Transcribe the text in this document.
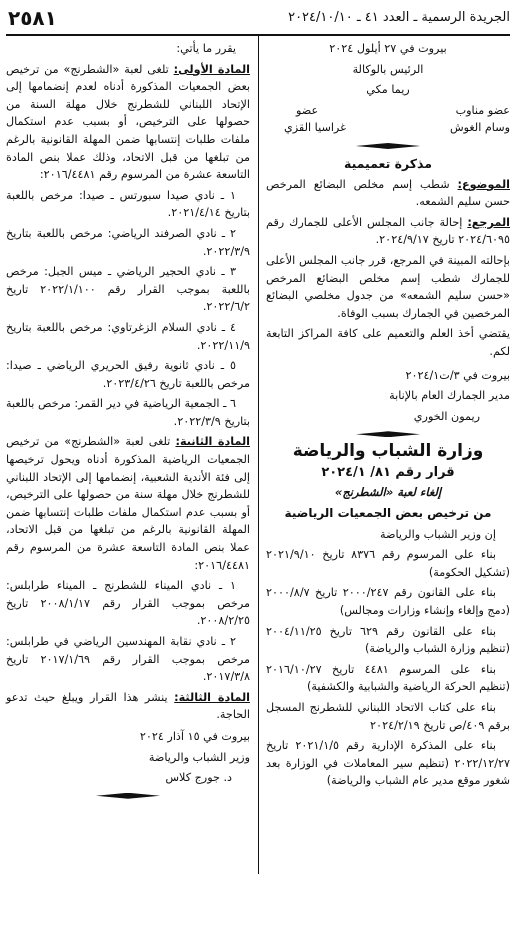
الجريدة الرسمية ـ العدد ٤١ ـ ٢٠٢٤/١٠/١٠
٢٥٨١

بيروت في ٢٧ أيلول ٢٠٢٤

الرئيس بالوكالة

ريما مكي

عضو مناوب
عضو
وسام الغوش
غراسيا القزي

مذكرة تعميمية

الموضوع: شطب إسم مخلص البضائع المرخص حسن سليم الشمعه.

المرجع: إحالة جانب المجلس الأعلى للجمارك رقم ٢٠٢٤/٦٠٩٥ تاريخ ٢٠٢٤/٩/١٧.

بإحالته المبينة في المرجع، قرر جانب المجلس الأعلى للجمارك شطب إسم مخلص البضائع المرخص «حسن سليم الشمعه» من جدول مخلصي البضائع المرخصين في الجمارك بسبب الوفاة.

يقتضي أخذ العلم والتعميم على كافة المراكز التابعة لكم.

بيروت في ٣/ت٢٠٢٤/١

مدير الجمارك العام بالإنابة

ريمون الخوري

وزارة الشباب والرياضة

قرار رقم ٨١/ ٢٠٢٤/١

إلغاء لعبة «الشطرنج»

من ترخيص بعض الجمعيات الرياضية

إن وزير الشباب والرياضة

بناء على المرسوم رقم ٨٣٧٦ تاريخ ٢٠٢١/٩/١٠ (تشكيل الحكومة)

بناء على القانون رقم ٢٠٠٠/٢٤٧ تاريخ ٢٠٠٠/٨/٧ (دمج وإلغاء وإنشاء وزارات ومجالس)

بناء على القانون رقم ٦٢٩ تاريخ ٢٠٠٤/١١/٢٥ (تنظيم وزارة الشباب والرياضة)

بناء على المرسوم ٤٤٨١ تاريخ ٢٠١٦/١٠/٢٧ (تنظيم الحركة الرياضية والشبابية والكشفية)

بناء على كتاب الاتحاد اللبناني للشطرنج المسجل برقم ٤٠٩/ص تاريخ ٢٠٢٤/٢/١٩

بناء على المذكرة الإدارية رقم ٢٠٢١/١/٥ تاريخ ٢٠٢٢/١٢/٢٧ (تنظيم سير المعاملات في الوزارة بعد شغور موقع مدير عام الشباب والرياضة)

يقرر ما يأتي:

المادة الأولى: تلغى لعبة «الشطرنج» من ترخيص بعض الجمعيات المذكورة أدناه لعدم إنضمامها إلى الإتحاد اللبناني للشطرنج خلال مهلة السنة من حصولها على الترخيص، أو بسبب عدم استكمال ملفات طلبات إنتسابها ضمن المهلة القانونية بالرغم من تبلغها من قبل الاتحاد، وذلك عملا بنص المادة التاسعة عشرة من المرسوم رقم ٢٠١٦/٤٤٨١:

١ ـ نادي صيدا سبورتس ـ صيدا: مرخص باللعبة بتاريخ ٢٠٢١/٤/١٤.

٢ ـ نادي الصرفند الرياضي: مرخص باللعبة بتاريخ ٢٠٢٢/٣/٩.

٣ ـ نادي الحجير الرياضي ـ ميس الجبل: مرخص باللعبة بموجب القرار رقم ٢٠٢٢/١/١٠٠ تاريخ ٢٠٢٢/٦/٢.

٤ ـ نادي السلام الزغرتاوي: مرخص باللعبة بتاريخ ٢٠٢٢/١١/٩.

٥ ـ نادي ثانوية رفيق الحريري الرياضي ـ صيدا: مرخص باللعبة تاريخ ٢٠٢٣/٤/٢٦.

٦ ـ الجمعية الرياضية في دير القمر: مرخص باللعبة بتاريخ ٢٠٢٢/٣/٩.

المادة الثانية: تلغى لعبة «الشطرنج» من ترخيص الجمعيات الرياضية المذكورة أدناه ويحول ترخيصها إلى فئة الأندية الشعبية، إنضمامها إلى الإتحاد اللبناني للشطرنج خلال مهلة سنة من حصولها على الترخيص، أو بسبب عدم استكمال ملفات طلبات إنتسابها ضمن المهلة القانونية بالرغم من تبلغها من قبل الاتحاد، عملا بنص المادة التاسعة عشرة من المرسوم رقم ٢٠١٦/٤٤٨١:

١ ـ نادي الميناء للشطرنج ـ الميناء طرابلس: مرخص بموجب القرار رقم ٢٠٠٨/١/١٧ تاريخ ٢٠٠٨/٢/٢٥.

٢ ـ نادي نقابة المهندسين الرياضي في طرابلس: مرخص بموجب القرار رقم ٢٠١٧/١/٦٩ تاريخ ٢٠١٧/٣/٨.

المادة الثالثة: ينشر هذا القرار ويبلغ حيث تدعو الحاجة.

بيروت في ١٥ آذار ٢٠٢٤

وزير الشباب والرياضة

د. جورج كلاس
